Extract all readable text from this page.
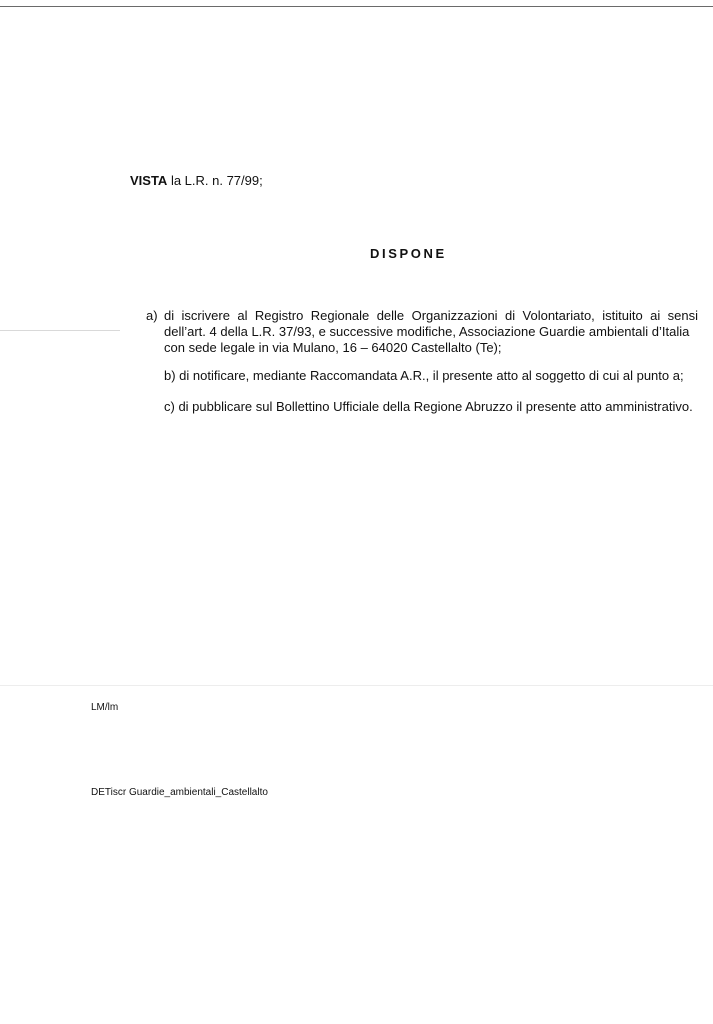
VISTA la L.R. n. 77/99;
DISPONE
a) di iscrivere al Registro Regionale delle Organizzazioni di Volontariato, istituito ai sensi
dell’art. 4 della L.R. 37/93, e successive modifiche, Associazione Guardie ambientali d’Italia
con sede legale in via Mulano, 16 – 64020 Castellalto (Te);
b) di notificare, mediante Raccomandata A.R., il presente atto al soggetto di cui al punto a;
c) di pubblicare sul Bollettino Ufficiale della Regione Abruzzo il presente atto amministrativo.
LM/lm
DETiscr Guardie_ambientali_Castellalto
